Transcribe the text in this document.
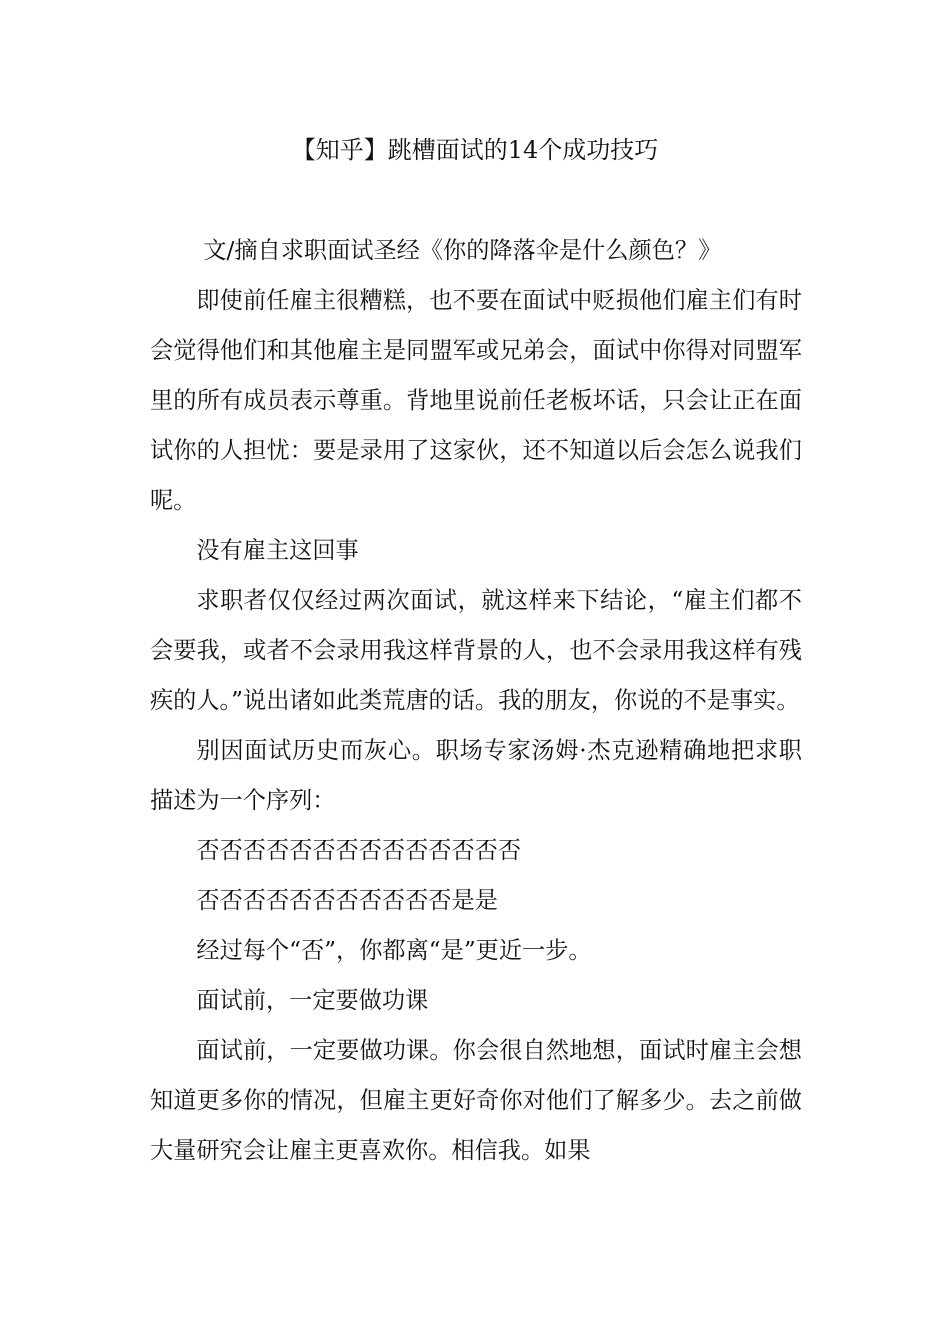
【知乎】跳槽面试的14个成功技巧

文/摘自求职面试圣经《你的降落伞是什么颜色？》

即使前任雇主很糟糕，也不要在面试中贬损他们雇主们有时会觉得他们和其他雇主是同盟军或兄弟会，面试中你得对同盟军里的所有成员表示尊重。背地里说前任老板坏话，只会让正在面试你的人担忧：要是录用了这家伙，还不知道以后会怎么说我们呢。

没有雇主这回事

求职者仅仅经过两次面试，就这样来下结论，“雇主们都不会要我，或者不会录用我这样背景的人，也不会录用我这样有残疾的人。”说出诸如此类荒唐的话。我的朋友，你说的不是事实。

别因面试历史而灰心。职场专家汤姆·杰克逊精确地把求职描述为一个序列：

否否否否否否否否否否否否否否

否否否否否否否否否否否是是

经过每个“否”，你都离“是”更近一步。

面试前，一定要做功课

面试前，一定要做功课。你会很自然地想，面试时雇主会想知道更多你的情况，但雇主更好奇你对他们了解多少。去之前做大量研究会让雇主更喜欢你。相信我。如果
